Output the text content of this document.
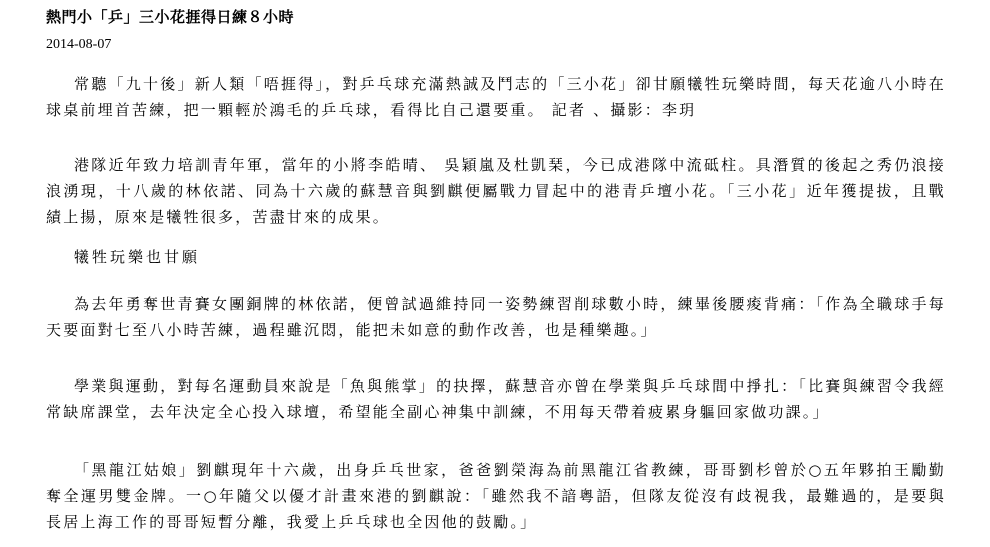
熱門小「乒」三小花捱得日練８小時
2014-08-07
常聽「九十後」新人類「唔捱得」，對乒乓球充滿熱誠及鬥志的「三小花」卻甘願犧牲玩樂時間，每天花逾八小時在球桌前埋首苦練，把一顆輕於鴻毛的乒乓球，看得比自己還要重。 記者 、攝影：李玥
港隊近年致力培訓青年軍，當年的小將李皓晴、 吳穎嵐及杜凱琹，今已成港隊中流砥柱。具潛質的後起之秀仍浪接浪湧現，十八歲的林依諾、同為十六歲的蘇慧音與劉麒便屬戰力冒起中的港青乒壇小花。「三小花」近年獲提拔，且戰績上揚，原來是犧牲很多，苦盡甘來的成果。
犧牲玩樂也甘願
為去年勇奪世青賽女團銅牌的林依諾，便曾試過維持同一姿勢練習削球數小時，練畢後腰痠背痛：「作為全職球手每天要面對七至八小時苦練，過程雖沉悶，能把未如意的動作改善，也是種樂趣。」
學業與運動，對每名運動員來說是「魚與熊掌」的抉擇，蘇慧音亦曾在學業與乒乓球間中掙扎：「比賽與練習令我經常缺席課堂，去年決定全心投入球壇，希望能全副心神集中訓練，不用每天帶着疲累身軀回家做功課。」
「黑龍江姑娘」劉麒現年十六歲，出身乒乓世家，爸爸劉榮海為前黑龍江省教練，哥哥劉杉曾於○五年夥拍王勵勤奪全運男雙金牌。一○年隨父以優才計畫來港的劉麒說：「雖然我不諳粵語，但隊友從沒有歧視我，最難過的，是要與長居上海工作的哥哥短暫分離，我愛上乒乓球也全因他的鼓勵。」
